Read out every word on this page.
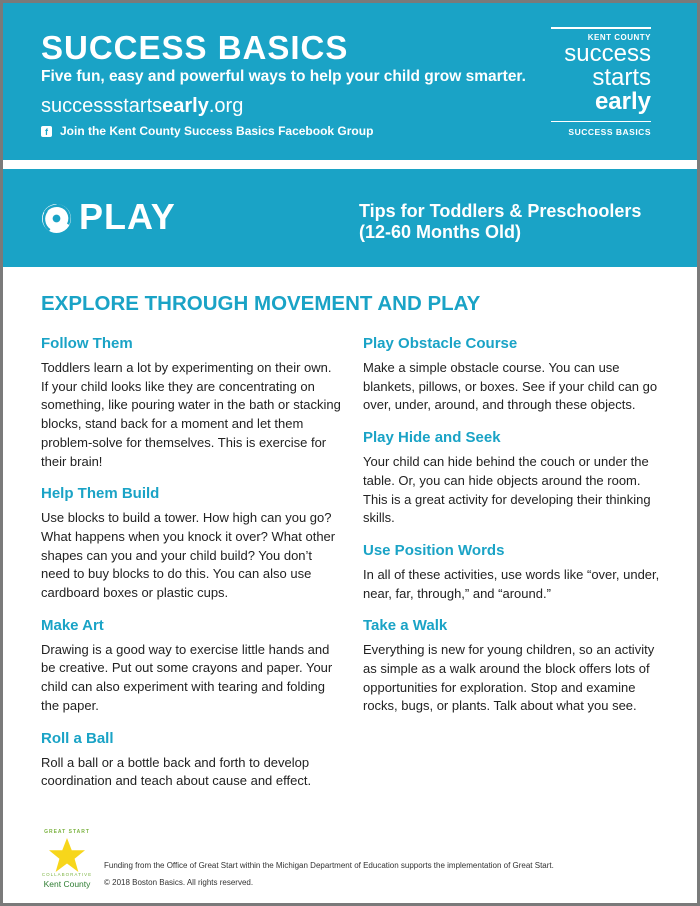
SUCCESS BASICS
Five fun, easy and powerful ways to help your child grow smarter.
successstartsearly.org
f	Join the Kent County Success Basics Facebook Group
KENT COUNTY
success
starts
early
SUCCESS BASICS
PLAY	Tips for Toddlers & Preschoolers
(12-60 Months Old)
EXPLORE THROUGH MOVEMENT AND PLAY
Follow Them

Toddlers learn a lot by experimenting on their own. If your child looks like they are concentrating on something, like pouring water in the bath or stacking blocks, stand back for a moment and let them problem-solve for themselves. This is exercise for their brain!

Help Them Build

Use blocks to build a tower. How high can you go? What happens when you knock it over? What other shapes can you and your child build? You don’t need to buy blocks to do this. You can also use cardboard boxes or plastic cups.

Make Art

Drawing is a good way to exercise little hands and be creative. Put out some crayons and paper. Your child can also experiment with tearing and folding the paper.

Roll a Ball

Roll a ball or a bottle back and forth to develop coordination and teach about cause and effect.

Play Obstacle Course

Make a simple obstacle course. You can use blankets, pillows, or boxes. See if your child can go over, under, around, and through these objects.

Play Hide and Seek

Your child can hide behind the couch or under the table. Or, you can hide objects around the room. This is a great activity for developing their thinking skills.

Use Position Words

In all of these activities, use words like “over, under, near, far, through,” and “around.”

Take a Walk

Everything is new for young children, so an activity as simple as a walk around the block offers lots of opportunities for exploration. Stop and examine rocks, bugs, or plants. Talk about what you see.

GREAT START
COLLABORATIVE
Kent County
Funding from the Office of Great Start within the Michigan Department of Education supports the implementation of Great Start.
© 2018 Boston Basics. All rights reserved.
